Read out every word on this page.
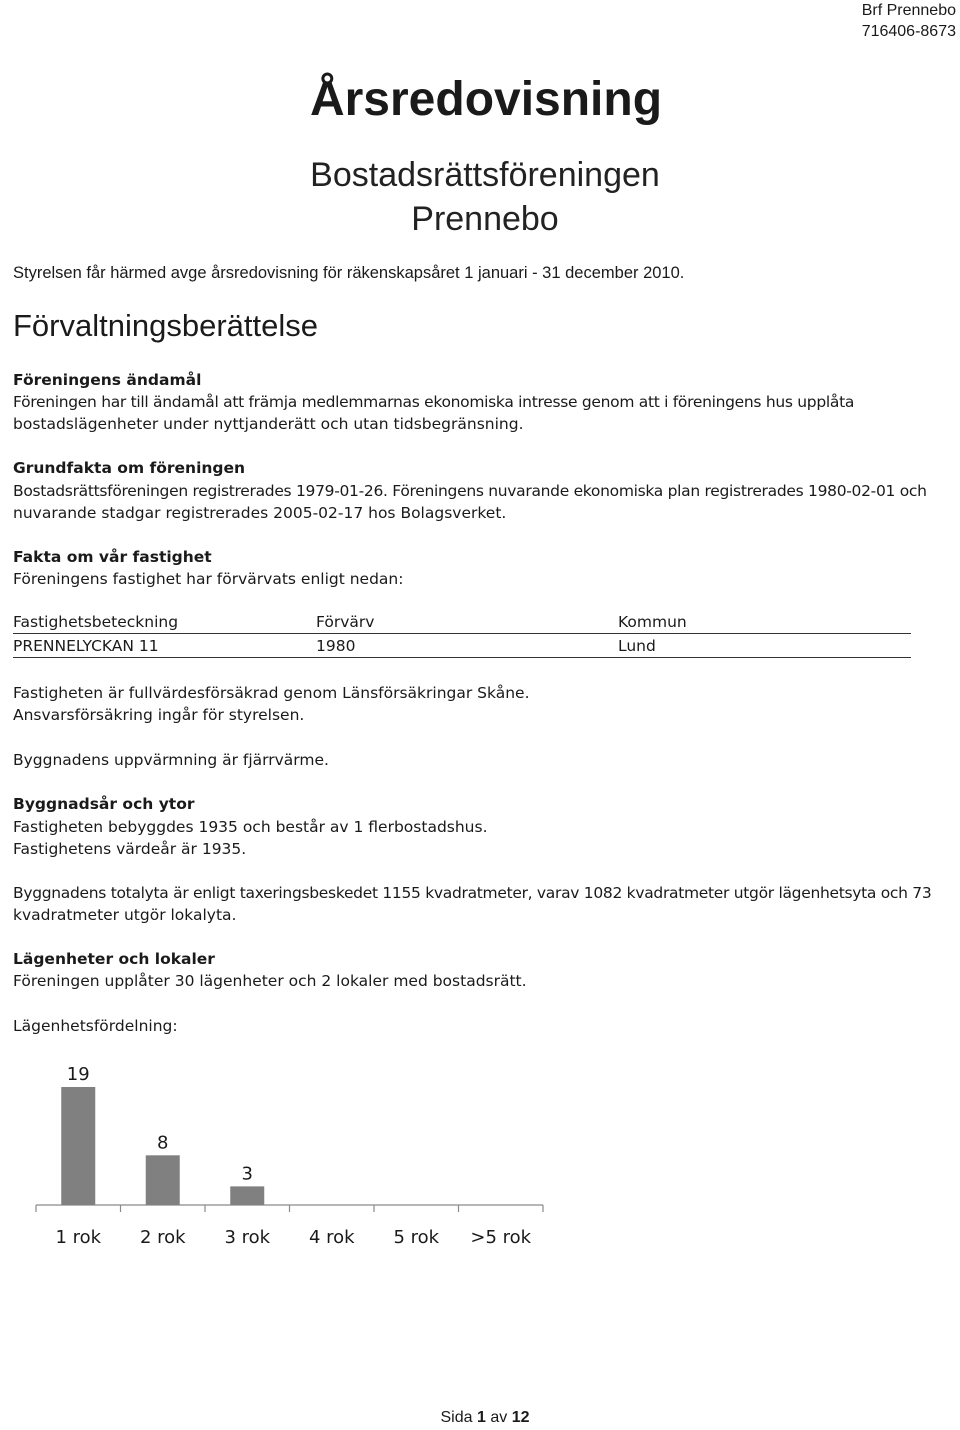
Brf Prennebo
716406-8673
Årsredovisning
Bostadsrättsföreningen
Prennebo
Styrelsen får härmed avge årsredovisning för räkenskapsåret 1 januari - 31 december 2010.
Förvaltningsberättelse
Föreningens ändamål
Föreningen har till ändamål att främja medlemmarnas ekonomiska intresse genom att i föreningens hus upplåta
bostadslägenheter under nyttjanderätt och utan tidsbegränsning.
Grundfakta om föreningen
Bostadsrättsföreningen registrerades 1979-01-26. Föreningens nuvarande ekonomiska plan registrerades 1980-02-01 och
nuvarande stadgar registrerades 2005-02-17 hos Bolagsverket.
Fakta om vår fastighet
Föreningens fastighet har förvärvats enligt nedan:
Fastighetsbeteckning	Förvärv	Kommun
PRENNELYCKAN 11	1980	Lund
Fastigheten är fullvärdesförsäkrad genom Länsförsäkringar Skåne.
Ansvarsförsäkring ingår för styrelsen.
Byggnadens uppvärmning är fjärrvärme.
Byggnadsår och ytor
Fastigheten bebyggdes 1935 och består av 1 flerbostadshus.
Fastighetens värdeår är 1935.
Byggnadens totalyta är enligt taxeringsbeskedet 1155 kvadratmeter, varav 1082 kvadratmeter utgör lägenhetsyta och 73
kvadratmeter utgör lokalyta.
Lägenheter och lokaler
Föreningen upplåter 30 lägenheter och 2 lokaler med bostadsrätt.
Lägenhetsfördelning:
19
1 rok
8
2 rok
3
3 rok 4 rok 5 rok >5 rok
Sida 1 av 12
